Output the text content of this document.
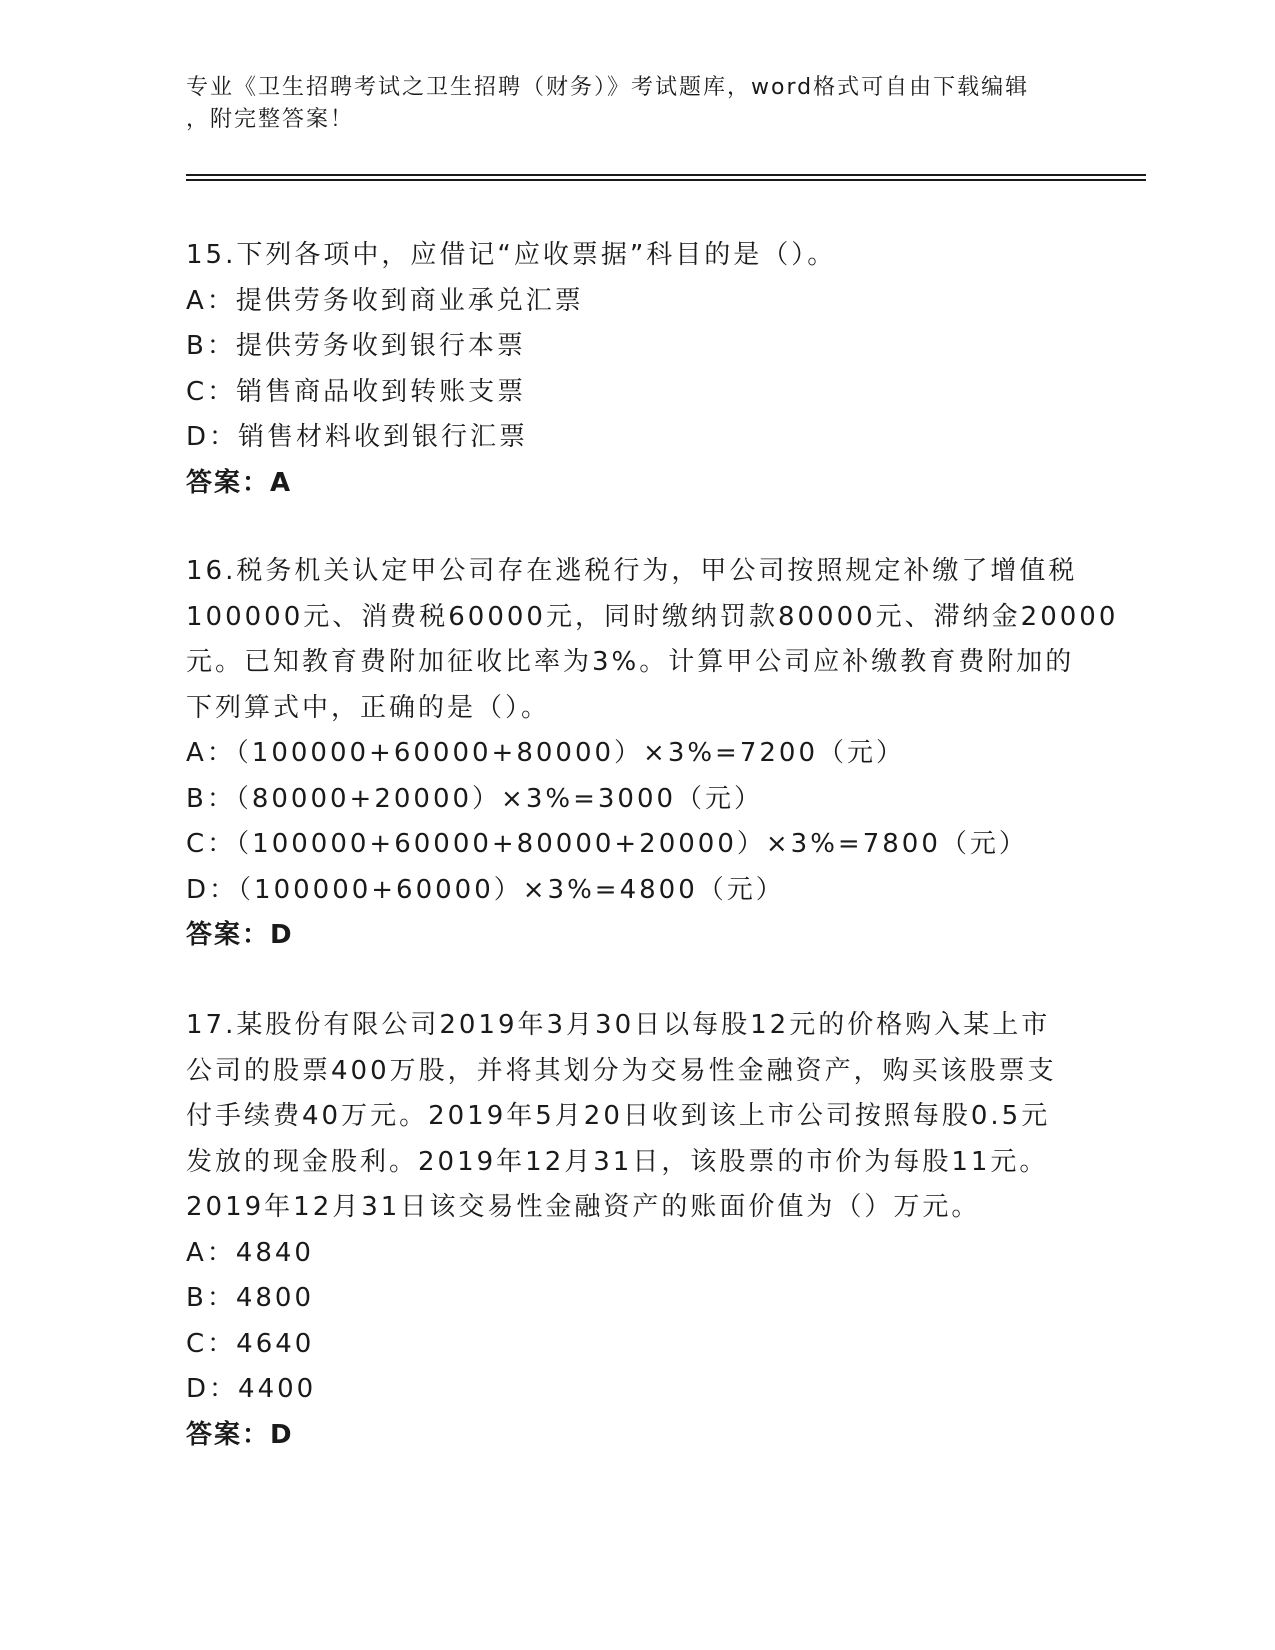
专业《卫生招聘考试之卫生招聘（财务）》考试题库，word格式可自由下载编辑
，附完整答案！
15.下列各项中，应借记“应收票据”科目的是（）。
A：提供劳务收到商业承兑汇票
B：提供劳务收到银行本票
C：销售商品收到转账支票
D：销售材料收到银行汇票
答案：A
16.税务机关认定甲公司存在逃税行为，甲公司按照规定补缴了增值税
100000元、消费税60000元，同时缴纳罚款80000元、滞纳金20000
元。已知教育费附加征收比率为3%。计算甲公司应补缴教育费附加的
下列算式中，正确的是（）。
A：（100000+60000+80000）×3%=7200（元）
B：（80000+20000）×3%=3000（元）
C：（100000+60000+80000+20000）×3%=7800（元）
D：（100000+60000）×3%=4800（元）
答案：D
17.某股份有限公司2019年3月30日以每股12元的价格购入某上市
公司的股票400万股，并将其划分为交易性金融资产，购买该股票支
付手续费40万元。2019年5月20日收到该上市公司按照每股0.5元
发放的现金股利。2019年12月31日，该股票的市价为每股11元。
2019年12月31日该交易性金融资产的账面价值为（）万元。
A：4840
B：4800
C：4640
D：4400
答案：D
